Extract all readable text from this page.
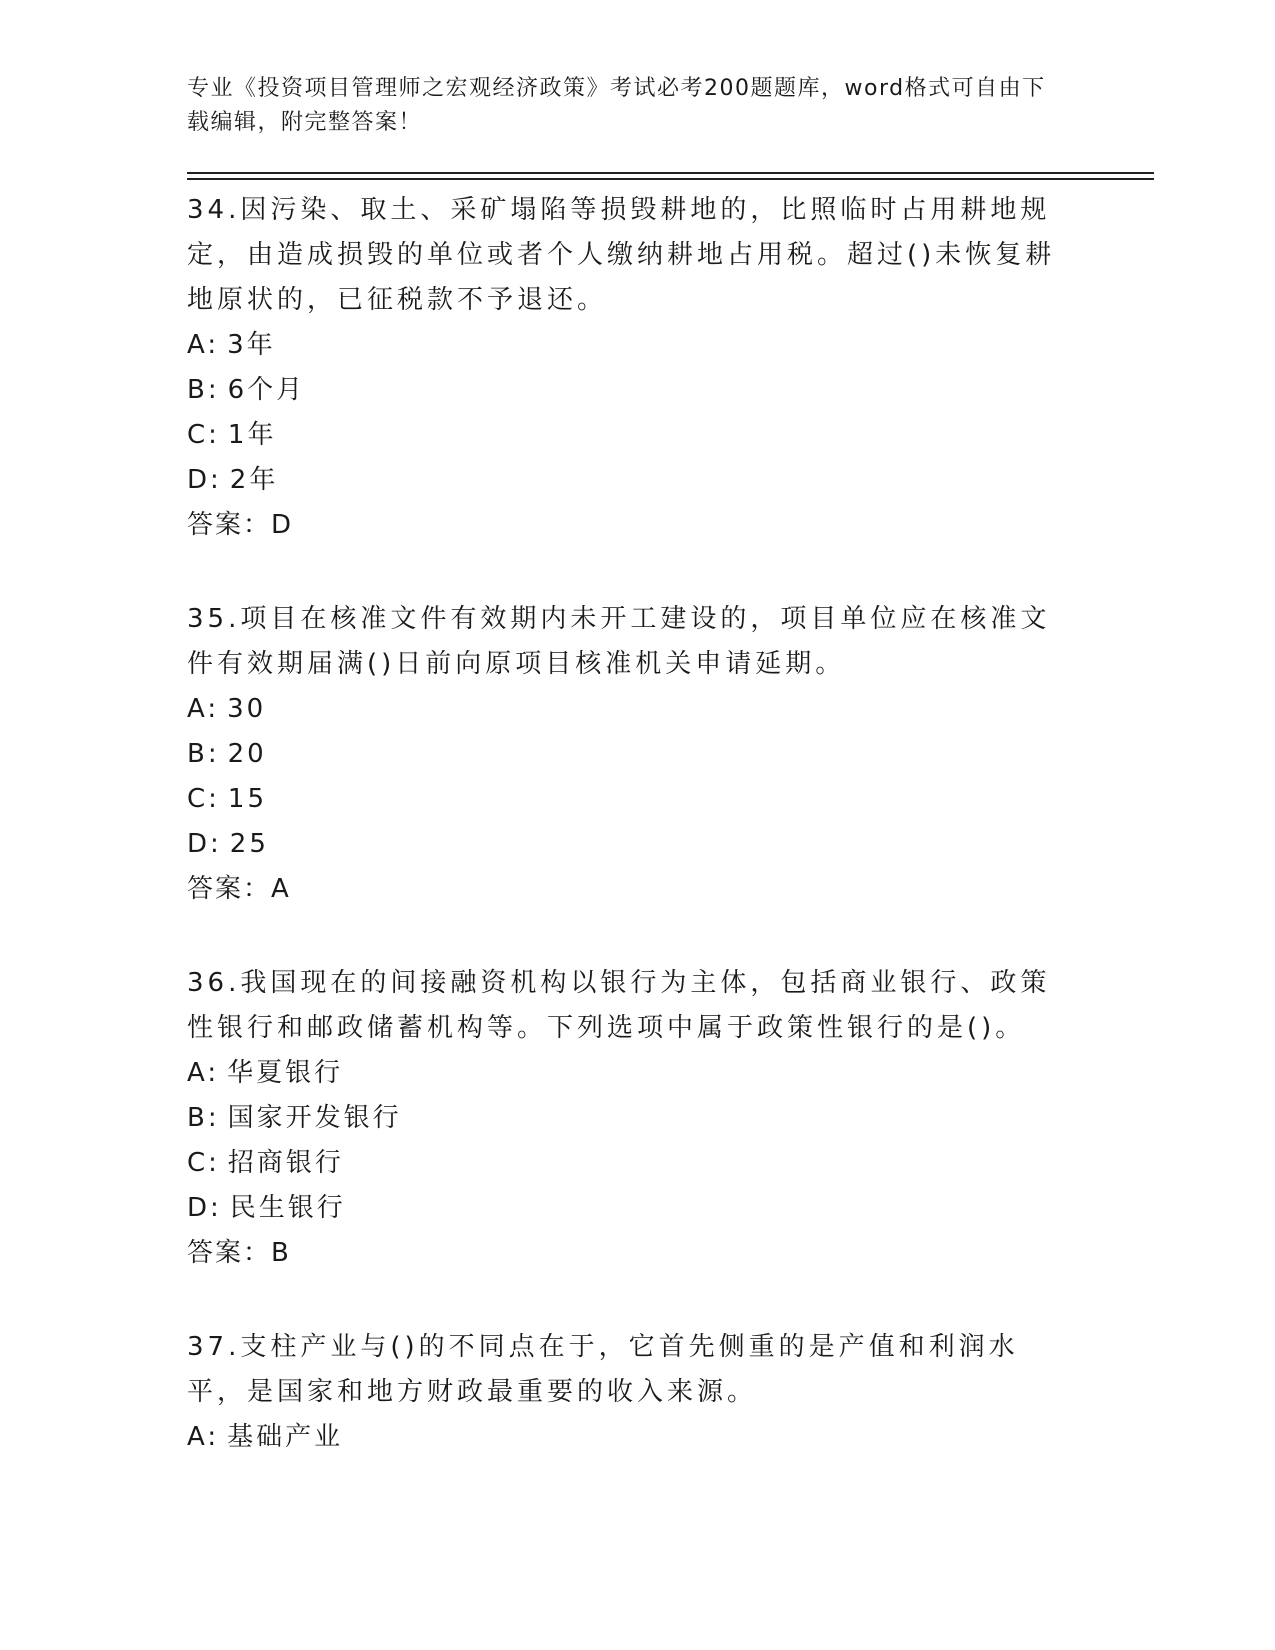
专业《投资项目管理师之宏观经济政策》考试必考200题题库，word格式可自由下载编辑，附完整答案！

34.因污染、取土、采矿塌陷等损毁耕地的，比照临时占用耕地规定，由造成损毁的单位或者个人缴纳耕地占用税。超过()未恢复耕地原状的，已征税款不予退还。

A: 3年

B: 6个月

C: 1年

D: 2年

答案：D

35.项目在核准文件有效期内未开工建设的，项目单位应在核准文件有效期届满()日前向原项目核准机关申请延期。

A: 30

B: 20

C: 15

D: 25

答案：A

36.我国现在的间接融资机构以银行为主体，包括商业银行、政策性银行和邮政储蓄机构等。下列选项中属于政策性银行的是()。

A: 华夏银行

B: 国家开发银行

C: 招商银行

D: 民生银行

答案：B

37.支柱产业与()的不同点在于，它首先侧重的是产值和利润水平，是国家和地方财政最重要的收入来源。

A: 基础产业
